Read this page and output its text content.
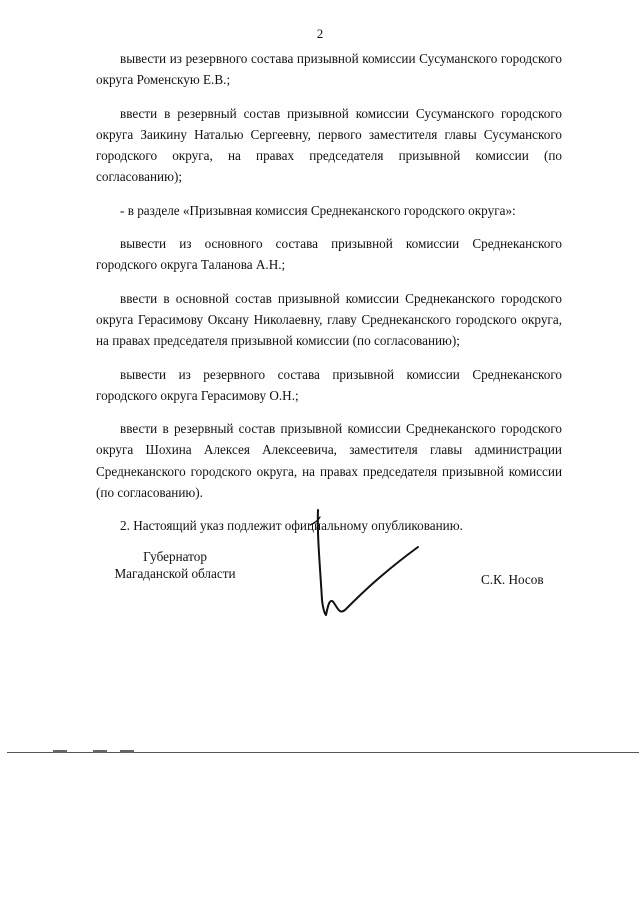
2

вывести из резервного состава призывной комиссии Сусуманского городского округа Роменскую Е.В.;

ввести в резервный состав призывной комиссии Сусуманского городского округа Заикину Наталью Сергеевну, первого заместителя главы Сусуманского городского округа, на правах председателя призывной комиссии (по согласованию);

- в разделе «Призывная комиссия Среднеканского городского округа»:

вывести из основного состава призывной комиссии Среднеканского городского округа Таланова А.Н.;

ввести в основной состав призывной комиссии Среднеканского городского округа Герасимову Оксану Николаевну, главу Среднеканского городского округа, на правах председателя призывной комиссии (по согласованию);

вывести из резервного состава призывной комиссии Среднеканского городского округа Герасимову О.Н.;

ввести в резервный состав призывной комиссии Среднеканского городского округа Шохина Алексея Алексеевича, заместителя главы администрации Среднеканского городского округа, на правах председателя призывной комиссии (по согласованию).

2. Настоящий указ подлежит официальному опубликованию.

Губернатор
Магаданской области	С.К. Носов
